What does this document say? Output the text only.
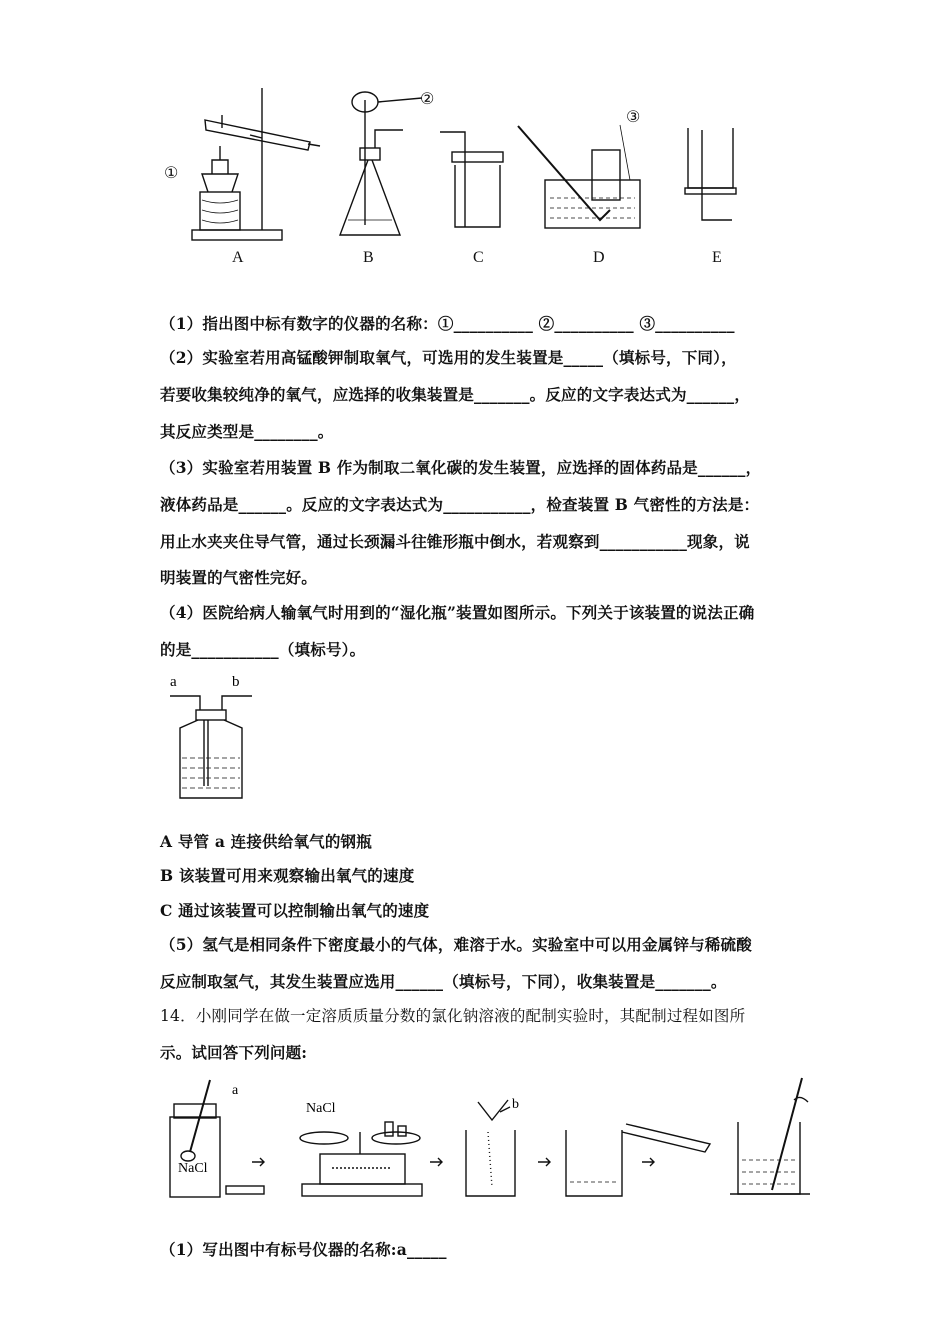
A	B	C	D	E
①
②
③
（1）指出图中标有数字的仪器的名称：①__________ ②__________ ③__________
（2）实验室若用高锰酸钾制取氧气，可选用的发生装置是_____（填标号，下同），
若要收集较纯净的氧气，应选择的收集装置是_______。反应的文字表达式为______，
其反应类型是________。
（3）实验室若用装置 B 作为制取二氧化碳的发生装置，应选择的固体药品是______，
液体药品是______。反应的文字表达式为___________，检查装置 B 气密性的方法是：
用止水夹夹住导气管，通过长颈漏斗往锥形瓶中倒水，若观察到___________现象，说
明装置的气密性完好。
（4）医院给病人输氧气时用到的“湿化瓶”装置如图所示。下列关于该装置的说法正确
的是___________（填标号）。
a	b
A 导管 a 连接供给氧气的钢瓶
B 该装置可用来观察输出氧气的速度
C 通过该装置可以控制输出氧气的速度
（5）氢气是相同条件下密度最小的气体，难溶于水。实验室中可以用金属锌与稀硫酸
反应制取氢气，其发生装置应选用______（填标号，下同），收集装置是_______。
14．小刚同学在做一定溶质质量分数的氯化钠溶液的配制实验时，其配制过程如图所
示。试回答下列问题:
a
b
NaCl
NaCl
（1）写出图中有标号仪器的名称:a_____
